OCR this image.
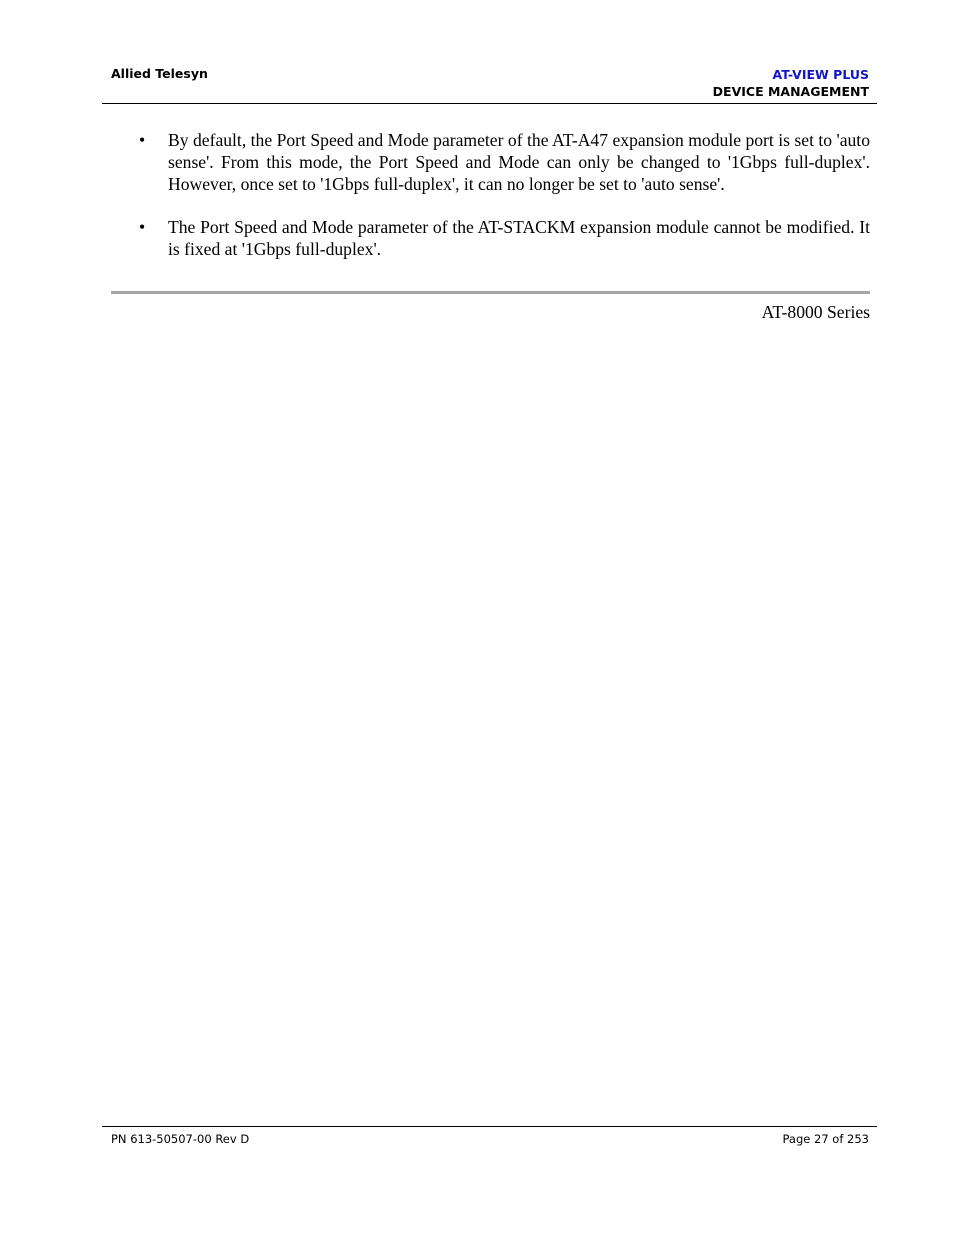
Allied Telesyn	AT-VIEW PLUS
DEVICE MANAGEMENT
• By default, the Port Speed and Mode parameter of the AT-A47 expansion module port is set to 'auto sense'. From this mode, the Port Speed and Mode can only be changed to '1Gbps full-duplex'. However, once set to '1Gbps full-duplex', it can no longer be set to 'auto sense'.
• The Port Speed and Mode parameter of the AT-STACKM expansion module cannot be modified. It is fixed at '1Gbps full-duplex'.
AT-8000 Series
PN 613-50507-00 Rev D	Page 27 of 253
